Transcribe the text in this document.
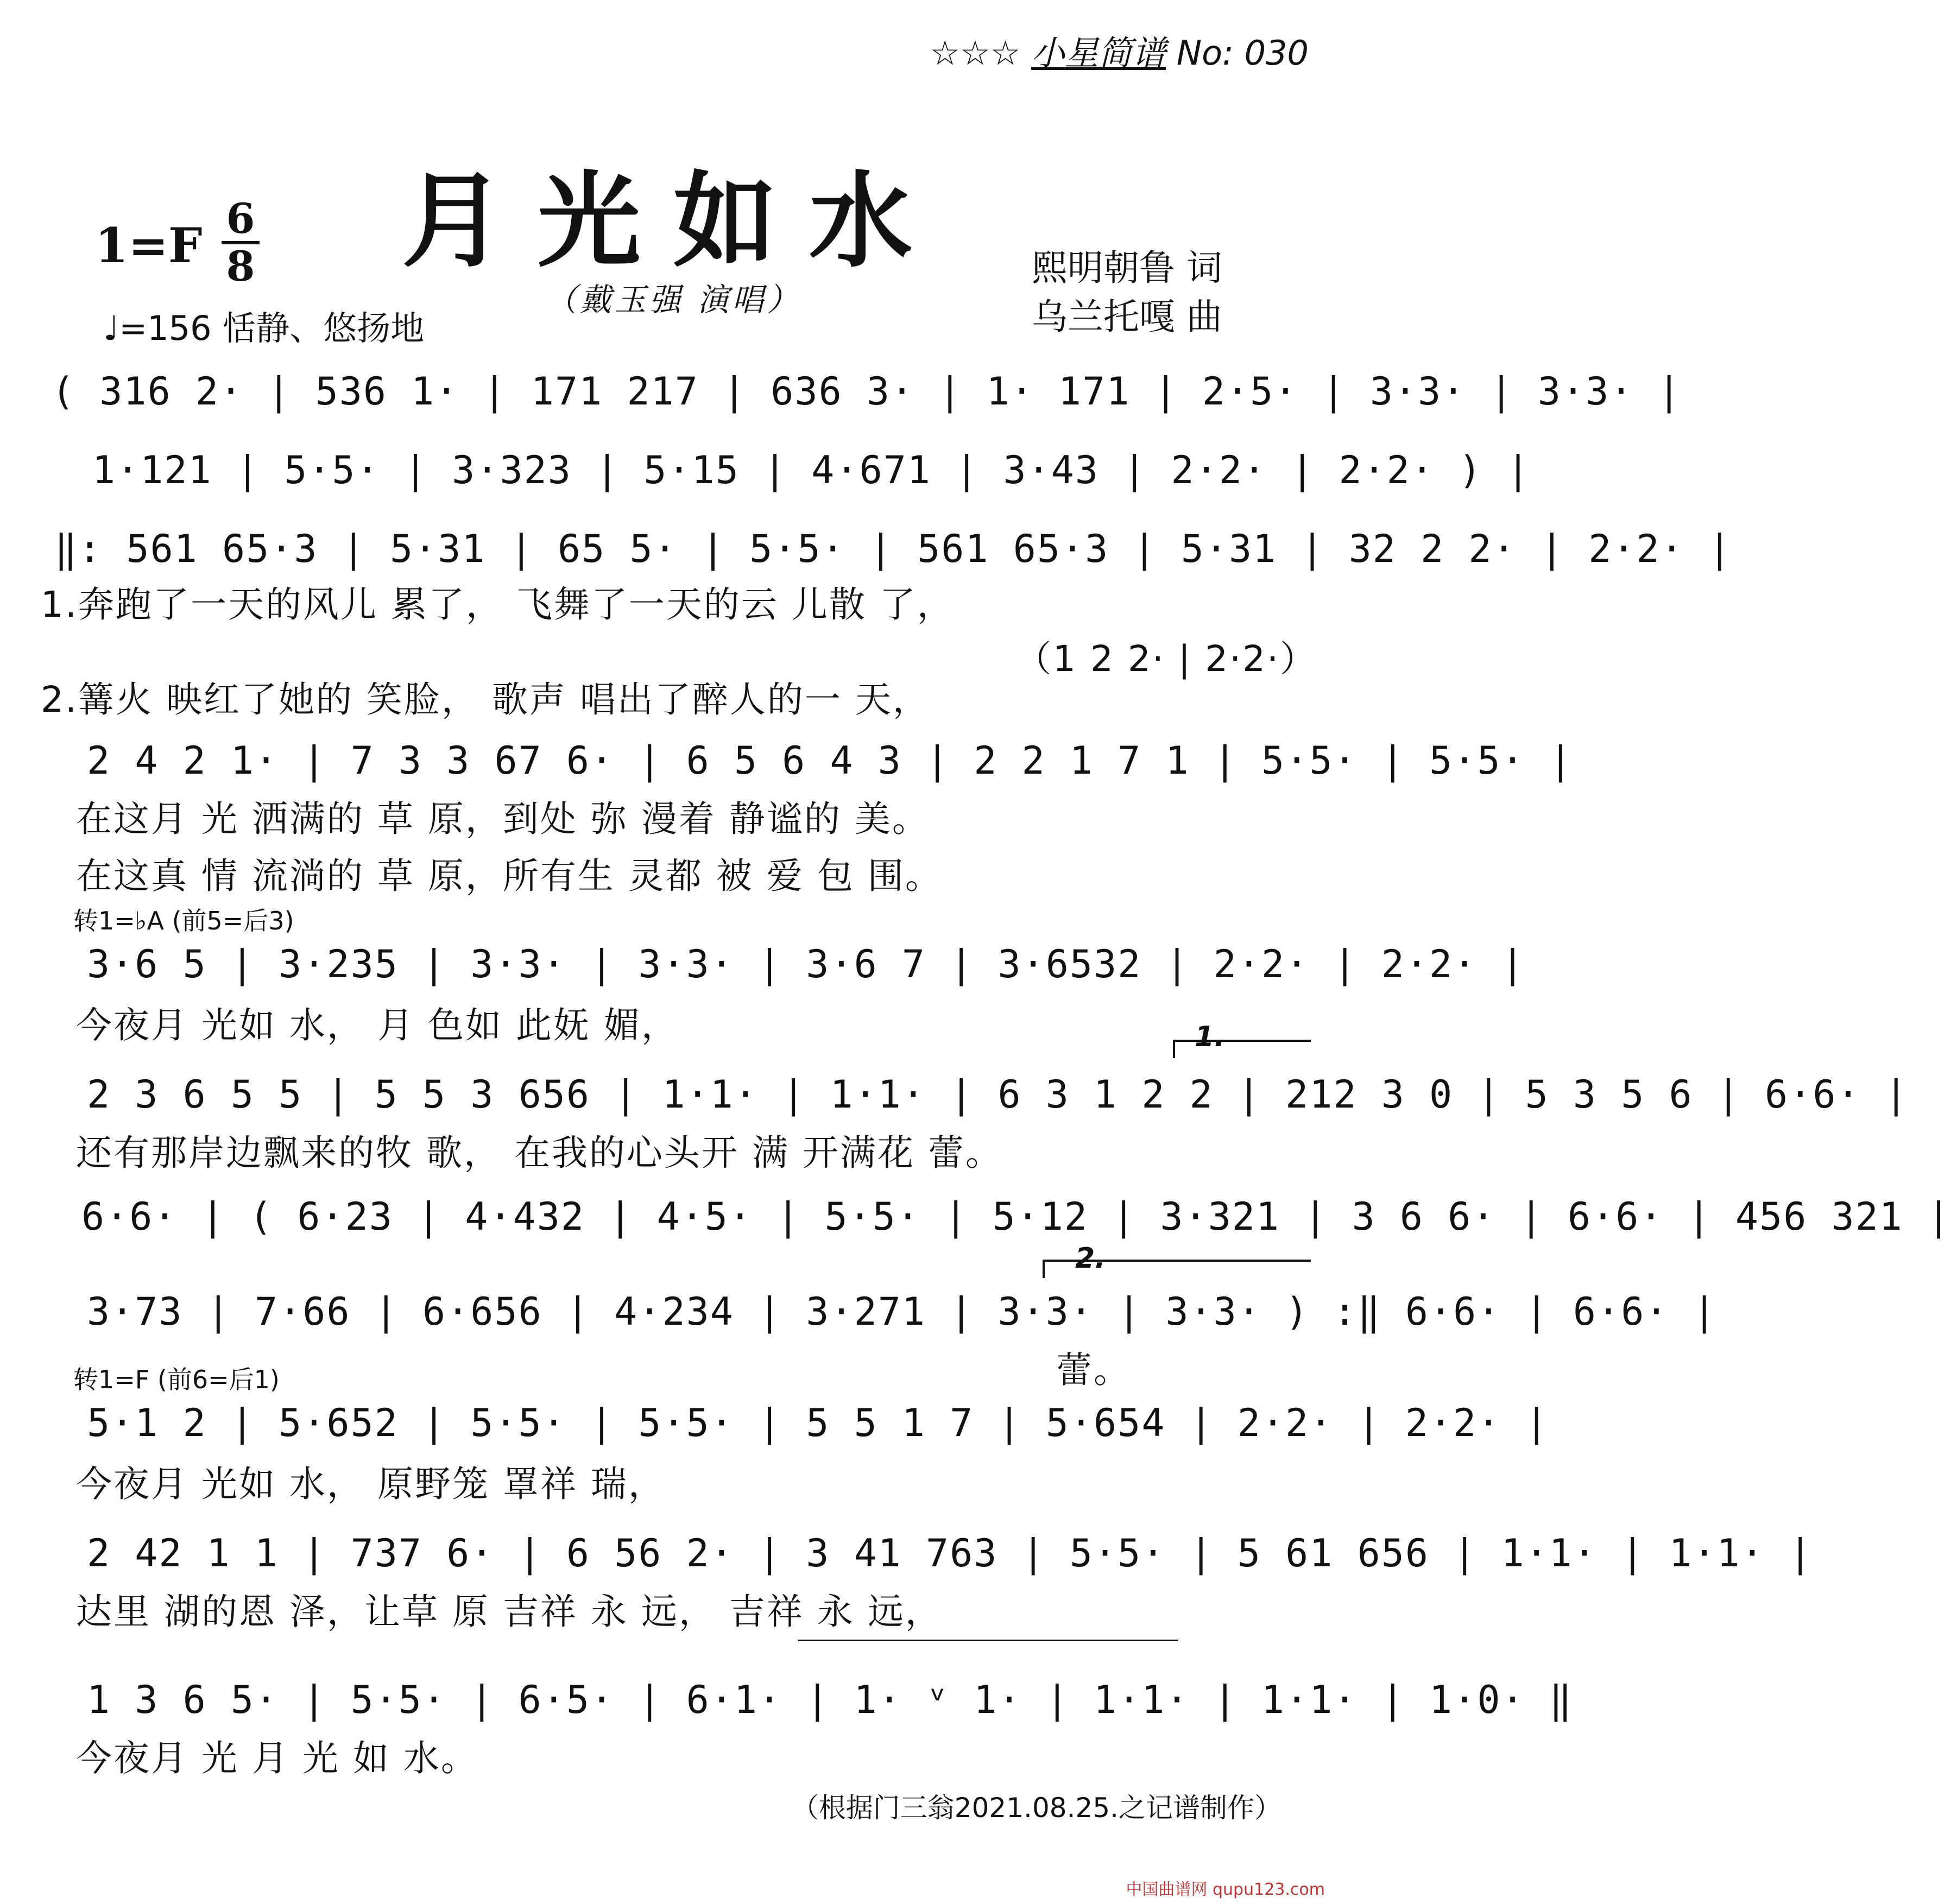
☆☆☆ 小星简谱 No: 030
月光如水
（戴玉强 演唱）
1=F 6
8
♩=156 恬静、悠扬地
熙明朝鲁 词
乌兰托嘎 曲
( 316 2· | 536 1· | 171 217 | 636 3· | 1· 171 | 2·5· | 3·3· | 3·3· |
1·121 | 5·5· | 3·323 | 5·15 | 4·671 | 3·43 | 2·2· | 2·2· ) |
‖: 561 65·3 | 5·31 | 65 5· | 5·5· | 561 65·3 | 5·31 | 32 2 2· | 2·2· |
1.奔跑了一天的风儿 累了， 飞舞了一天的云 儿散 了，
（1 2 2· | 2·2·）
2.篝火 映红了她的 笑脸， 歌声 唱出了醉人的一 天，
2 4 2 1· | 7 3 3 67 6· | 6 5 6 4 3 | 2 2 1 7 1 | 5·5· | 5·5· |
在这月 光 洒满的 草 原，到处 弥 漫着 静谧的 美。
在这真 情 流淌的 草 原，所有生 灵都 被 爱 包 围。
转1=♭A (前5=后3)
3·6 5 | 3·235 | 3·3· | 3·3· | 3·6 7 | 3·6532 | 2·2· | 2·2· |
今夜月 光如 水， 月 色如 此妩 媚，	1.
2 3 6 5 5 | 5 5 3 656 | 1·1· | 1·1· | 6 3 1 2 2 | 212 3 0 | 5 3 5 6 | 6·6· |
还有那岸边飘来的牧 歌， 在我的心头开 满 开满花 蕾。
6·6· | ( 6·23 | 4·432 | 4·5· | 5·5· | 5·12 | 3·321 | 3 6 6· | 6·6· | 456 321 |
2.
3·73 | 7·66 | 6·656 | 4·234 | 3·271 | 3·3· | 3·3· ) :‖ 6·6· | 6·6· |
蕾。
转1=F (前6=后1)
5·1 2 | 5·652 | 5·5· | 5·5· | 5 5 1 7 | 5·654 | 2·2· | 2·2· |
今夜月 光如 水， 原野笼 罩祥 瑞，
2 42 1 1 | 737 6· | 6 56 2· | 3 41 763 | 5·5· | 5 61 656 | 1·1· | 1·1· |
达里 湖的恩 泽，让草 原 吉祥 永 远， 吉祥 永 远，
1 3 6 5· | 5·5· | 6·5· | 6·1· | 1· ᵛ 1· | 1·1· | 1·1· | 1·0· ‖
今夜月 光 月 光 如 水。
（根据门三翁2021.08.25.之记谱制作）
中国曲谱网 qupu123.com
